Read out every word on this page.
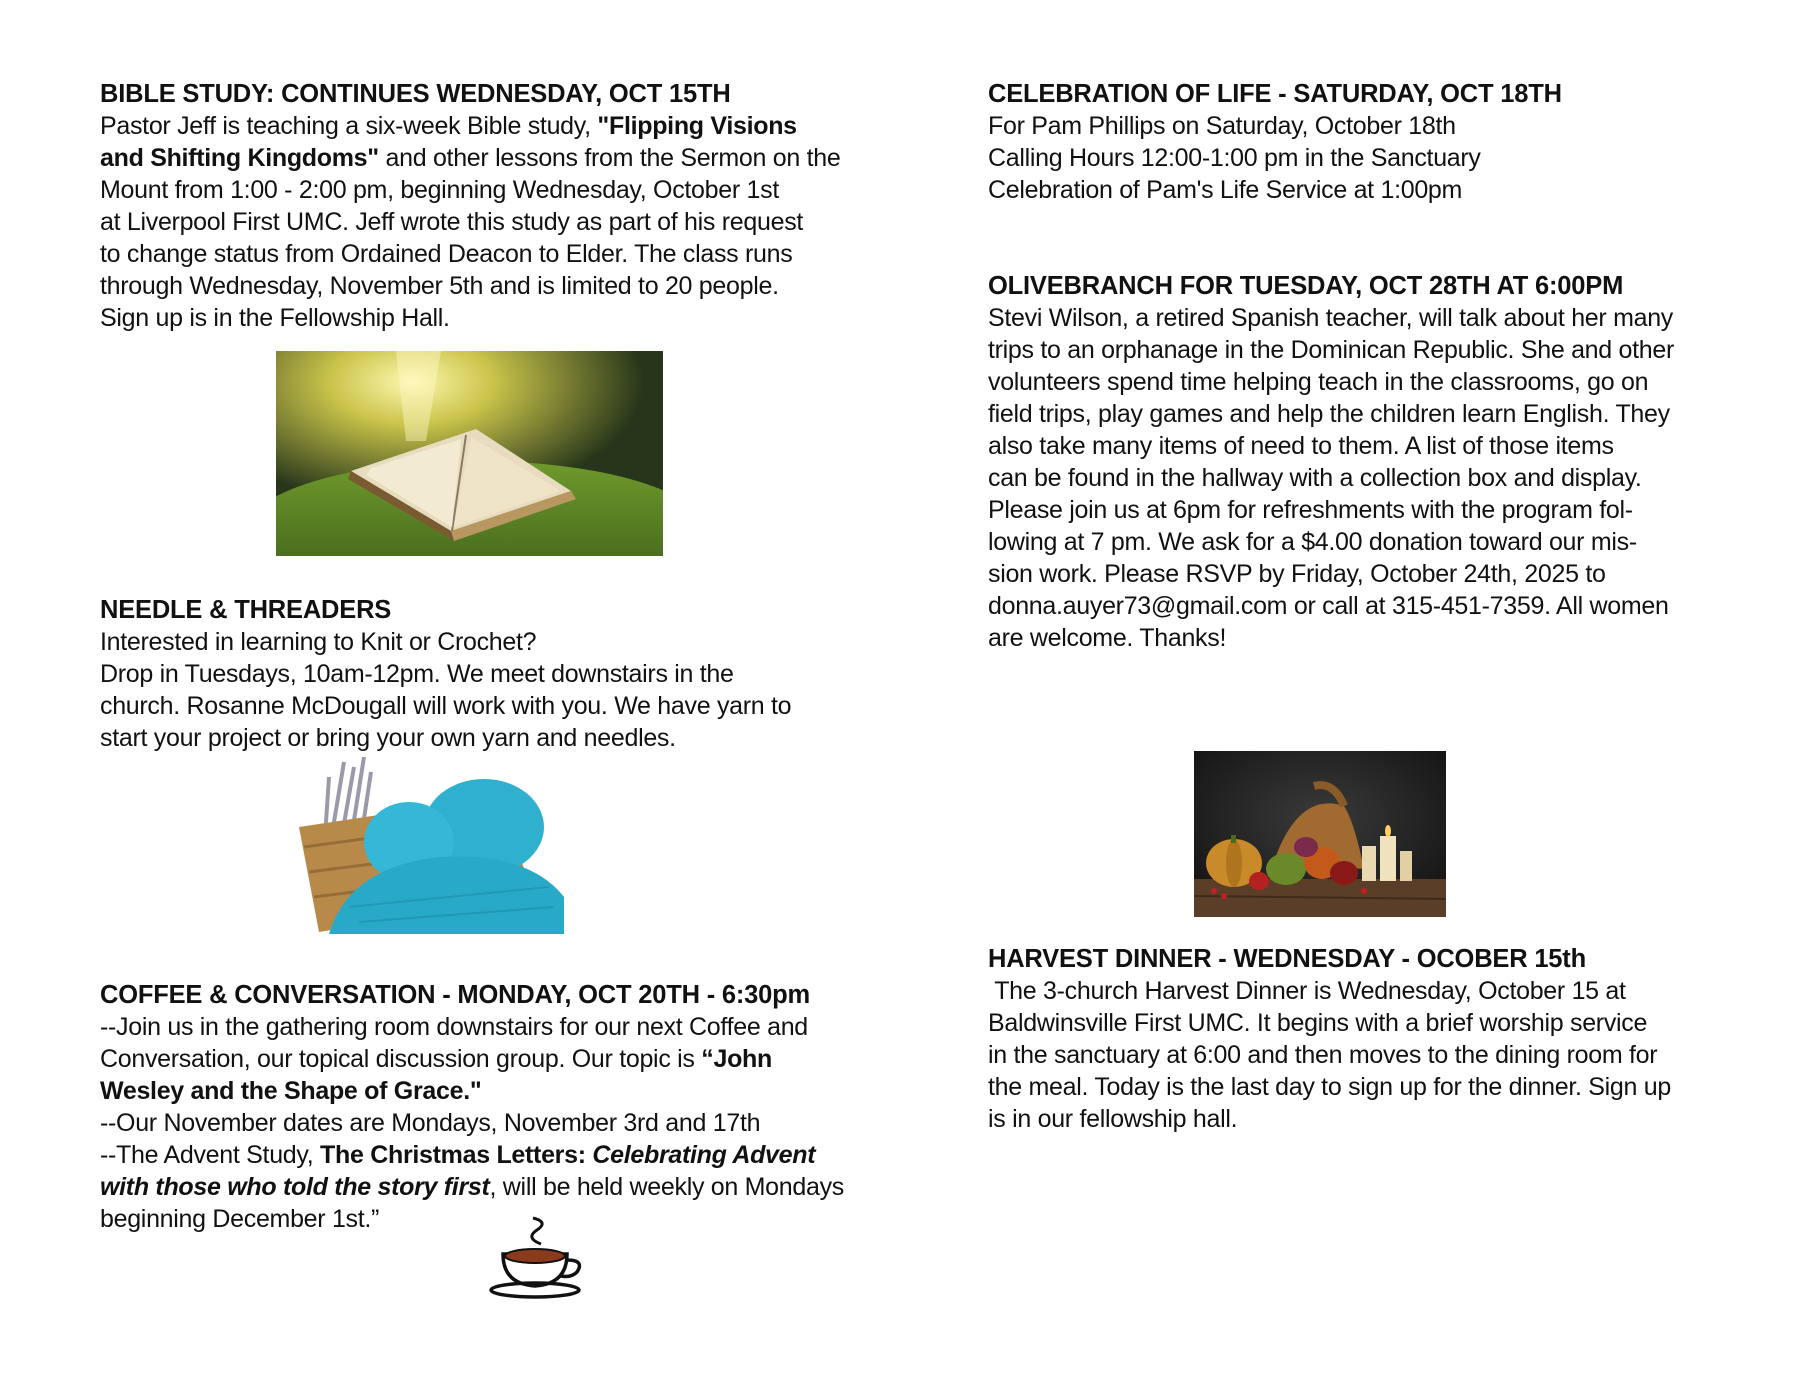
BIBLE STUDY: CONTINUES WEDNESDAY, OCT 15TH
Pastor Jeff is teaching a six-week Bible study, "Flipping Visions
and Shifting Kingdoms" and other lessons from the Sermon on the
Mount from 1:00 - 2:00 pm, beginning Wednesday, October 1st
at Liverpool First UMC. Jeff wrote this study as part of his request
to change status from Ordained Deacon to Elder. The class runs
through Wednesday, November 5th and is limited to 20 people.
Sign up is in the Fellowship Hall.
NEEDLE & THREADERS
Interested in learning to Knit or Crochet?
Drop in Tuesdays, 10am-12pm. We meet downstairs in the
church. Rosanne McDougall will work with you. We have yarn to
start your project or bring your own yarn and needles.
COFFEE & CONVERSATION - MONDAY, OCT 20TH - 6:30pm
--Join us in the gathering room downstairs for our next Coffee and
Conversation, our topical discussion group. Our topic is “John
Wesley and the Shape of Grace."
--Our November dates are Mondays, November 3rd and 17th
--The Advent Study, The Christmas Letters: Celebrating Advent
with those who told the story first, will be held weekly on Mondays
beginning December 1st.”
CELEBRATION OF LIFE - SATURDAY, OCT 18TH
For Pam Phillips on Saturday, October 18th
Calling Hours 12:00-1:00 pm in the Sanctuary
Celebration of Pam's Life Service at 1:00pm
OLIVEBRANCH FOR TUESDAY, OCT 28TH AT 6:00PM
Stevi Wilson, a retired Spanish teacher, will talk about her many
trips to an orphanage in the Dominican Republic. She and other
volunteers spend time helping teach in the classrooms, go on
field trips, play games and help the children learn English. They
also take many items of need to them. A list of those items
can be found in the hallway with a collection box and display.
Please join us at 6pm for refreshments with the program fol-
lowing at 7 pm. We ask for a $4.00 donation toward our mis-
sion work. Please RSVP by Friday, October 24th, 2025 to
donna.auyer73@gmail.com or call at 315-451-7359. All women
are welcome. Thanks!
HARVEST DINNER - WEDNESDAY - OCOBER 15th
The 3-church Harvest Dinner is Wednesday, October 15 at
Baldwinsville First UMC. It begins with a brief worship service
in the sanctuary at 6:00 and then moves to the dining room for
the meal. Today is the last day to sign up for the dinner. Sign up
is in our fellowship hall.
